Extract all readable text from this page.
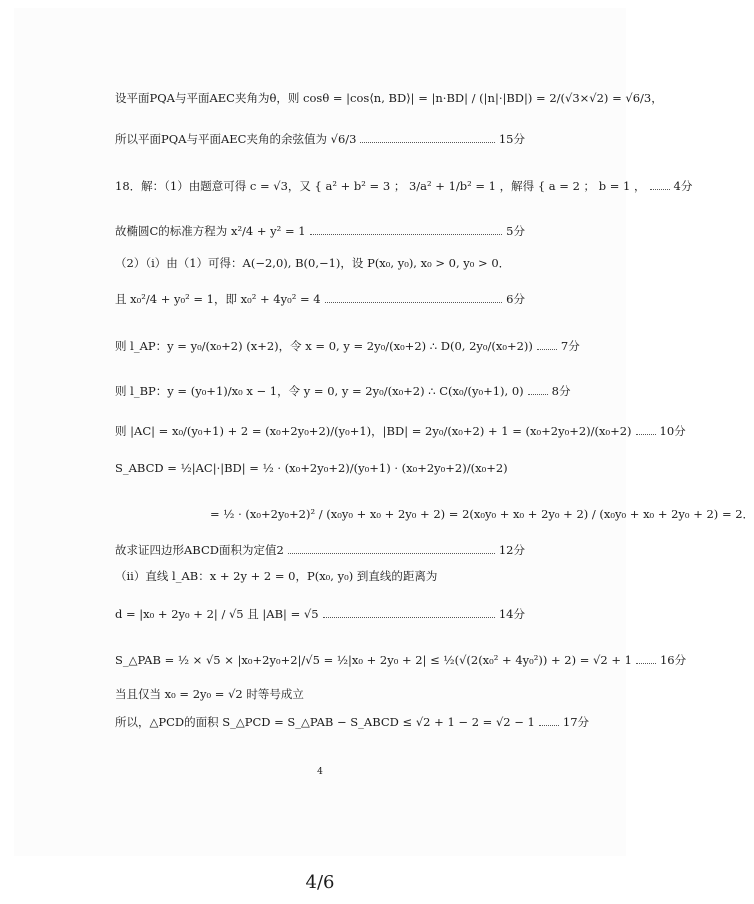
设平面PQA与平面AEC夹角为θ，则 cosθ = |cos⟨n, BD⟩| = |n·BD| / (|n|·|BD|) = 2/(√3×√2) = √6/3，
所以平面PQA与平面AEC夹角的余弦值为 √6/3	15分
18．解：（1）由题意可得 c = √3，又 { a² + b² = 3 ； 3/a² + 1/b² = 1 ，解得 { a = 2 ； b = 1 ， 4分
故椭圆C的标准方程为 x²/4 + y² = 1	5分
（2）（i）由（1）可得：A(−2,0), B(0,−1)，设 P(x₀, y₀), x₀ > 0, y₀ > 0．
且 x₀²/4 + y₀² = 1，即 x₀² + 4y₀² = 4	6分
则 l_AP：y = y₀/(x₀+2) (x+2)，令 x = 0, y = 2y₀/(x₀+2) ∴ D(0, 2y₀/(x₀+2)) 7分
则 l_BP：y = (y₀+1)/x₀ x − 1，令 y = 0, y = 2y₀/(x₀+2) ∴ C(x₀/(y₀+1), 0) 8分
则 |AC| = x₀/(y₀+1) + 2 = (x₀+2y₀+2)/(y₀+1)，|BD| = 2y₀/(x₀+2) + 1 = (x₀+2y₀+2)/(x₀+2) 10分
S_ABCD = ½|AC|·|BD| = ½ · (x₀+2y₀+2)/(y₀+1) · (x₀+2y₀+2)/(x₀+2)
= ½ · (x₀+2y₀+2)² / (x₀y₀ + x₀ + 2y₀ + 2) = 2(x₀y₀ + x₀ + 2y₀ + 2) / (x₀y₀ + x₀ + 2y₀ + 2) = 2．
故求证四边形ABCD面积为定值2	12分
（ii）直线 l_AB：x + 2y + 2 = 0，P(x₀, y₀) 到直线的距离为
d = |x₀ + 2y₀ + 2| / √5 且 |AB| = √5	14分
S_△PAB = ½ × √5 × |x₀+2y₀+2|/√5 = ½|x₀ + 2y₀ + 2| ≤ ½(√(2(x₀² + 4y₀²)) + 2) = √2 + 1 16分
当且仅当 x₀ = 2y₀ = √2 时等号成立
所以，△PCD的面积 S_△PCD = S_△PAB − S_ABCD ≤ √2 + 1 − 2 = √2 − 1 17分
4
4/6
